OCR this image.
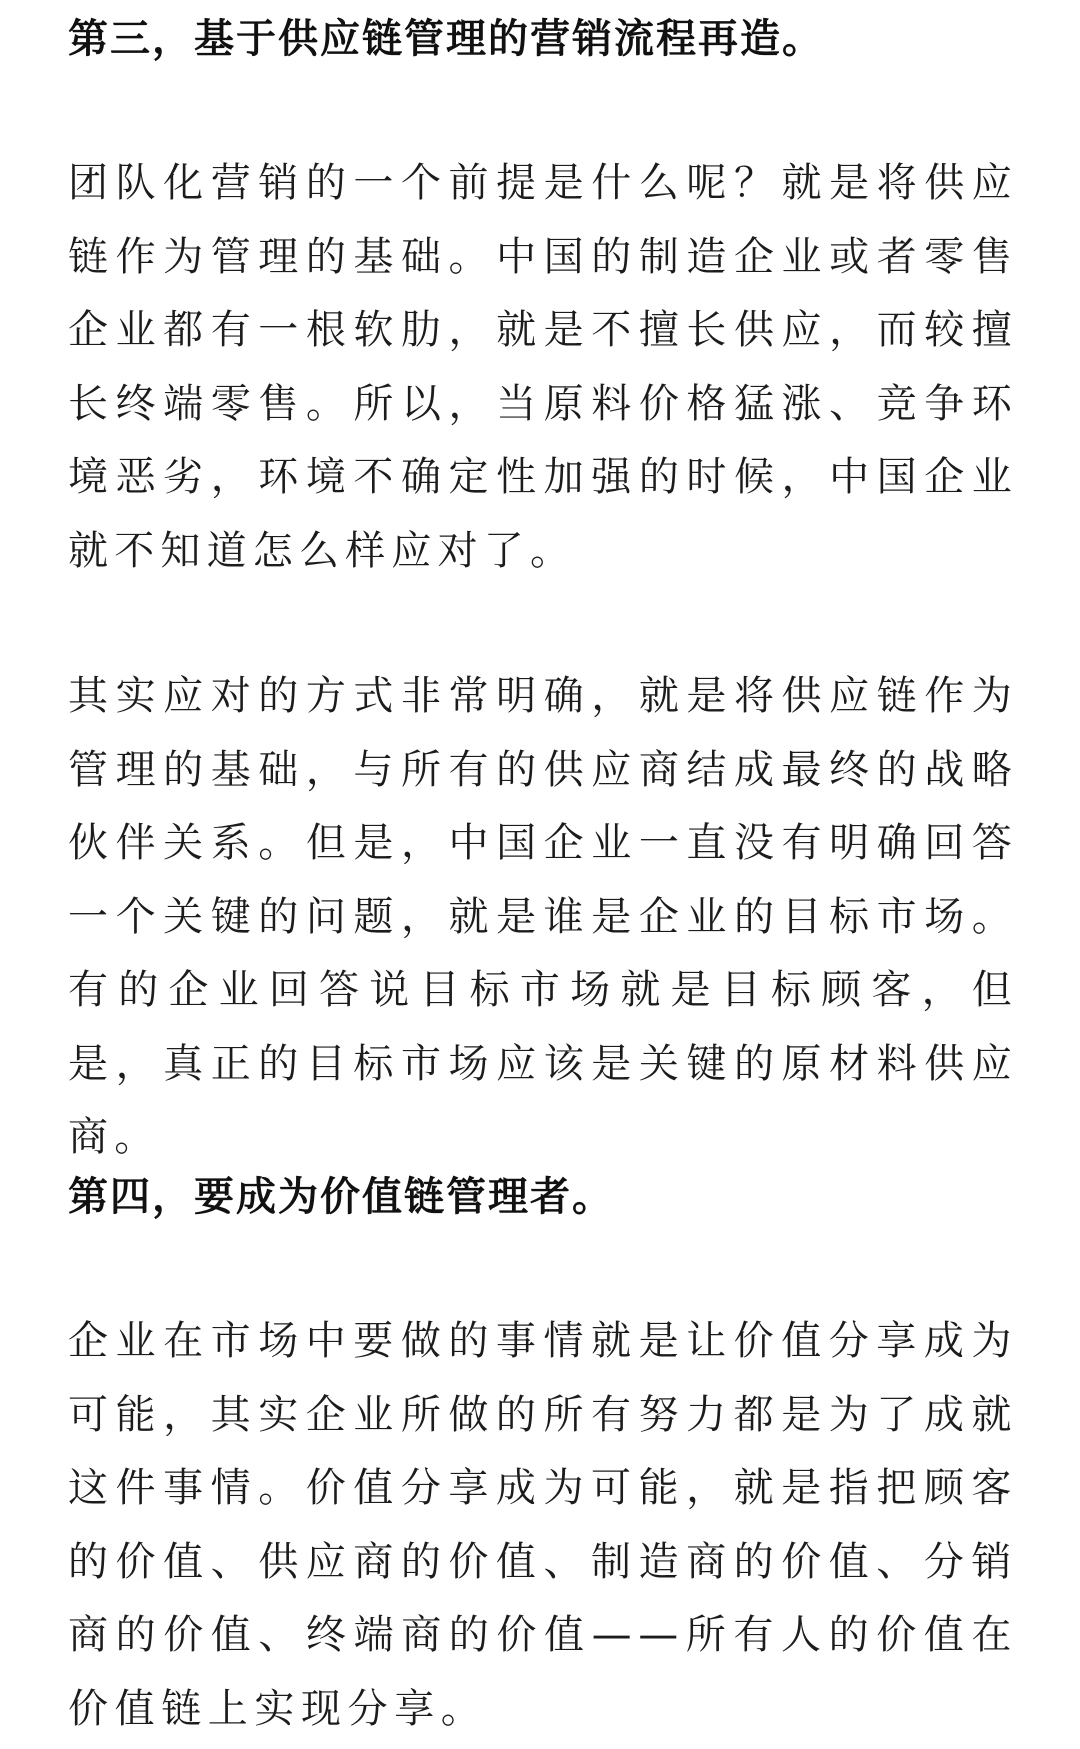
第三，基于供应链管理的营销流程再造。

团队化营销的一个前提是什么呢？就是将供应链作为管理的基础。中国的制造企业或者零售企业都有一根软肋，就是不擅长供应，而较擅长终端零售。所以，当原料价格猛涨、竞争环境恶劣，环境不确定性加强的时候，中国企业就不知道怎么样应对了。

其实应对的方式非常明确，就是将供应链作为管理的基础，与所有的供应商结成最终的战略伙伴关系。但是，中国企业一直没有明确回答一个关键的问题，就是谁是企业的目标市场。有的企业回答说目标市场就是目标顾客，但是，真正的目标市场应该是关键的原材料供应商。

第四，要成为价值链管理者。

企业在市场中要做的事情就是让价值分享成为可能，其实企业所做的所有努力都是为了成就这件事情。价值分享成为可能，就是指把顾客的价值、供应商的价值、制造商的价值、分销商的价值、终端商的价值——所有人的价值在价值链上实现分享。
